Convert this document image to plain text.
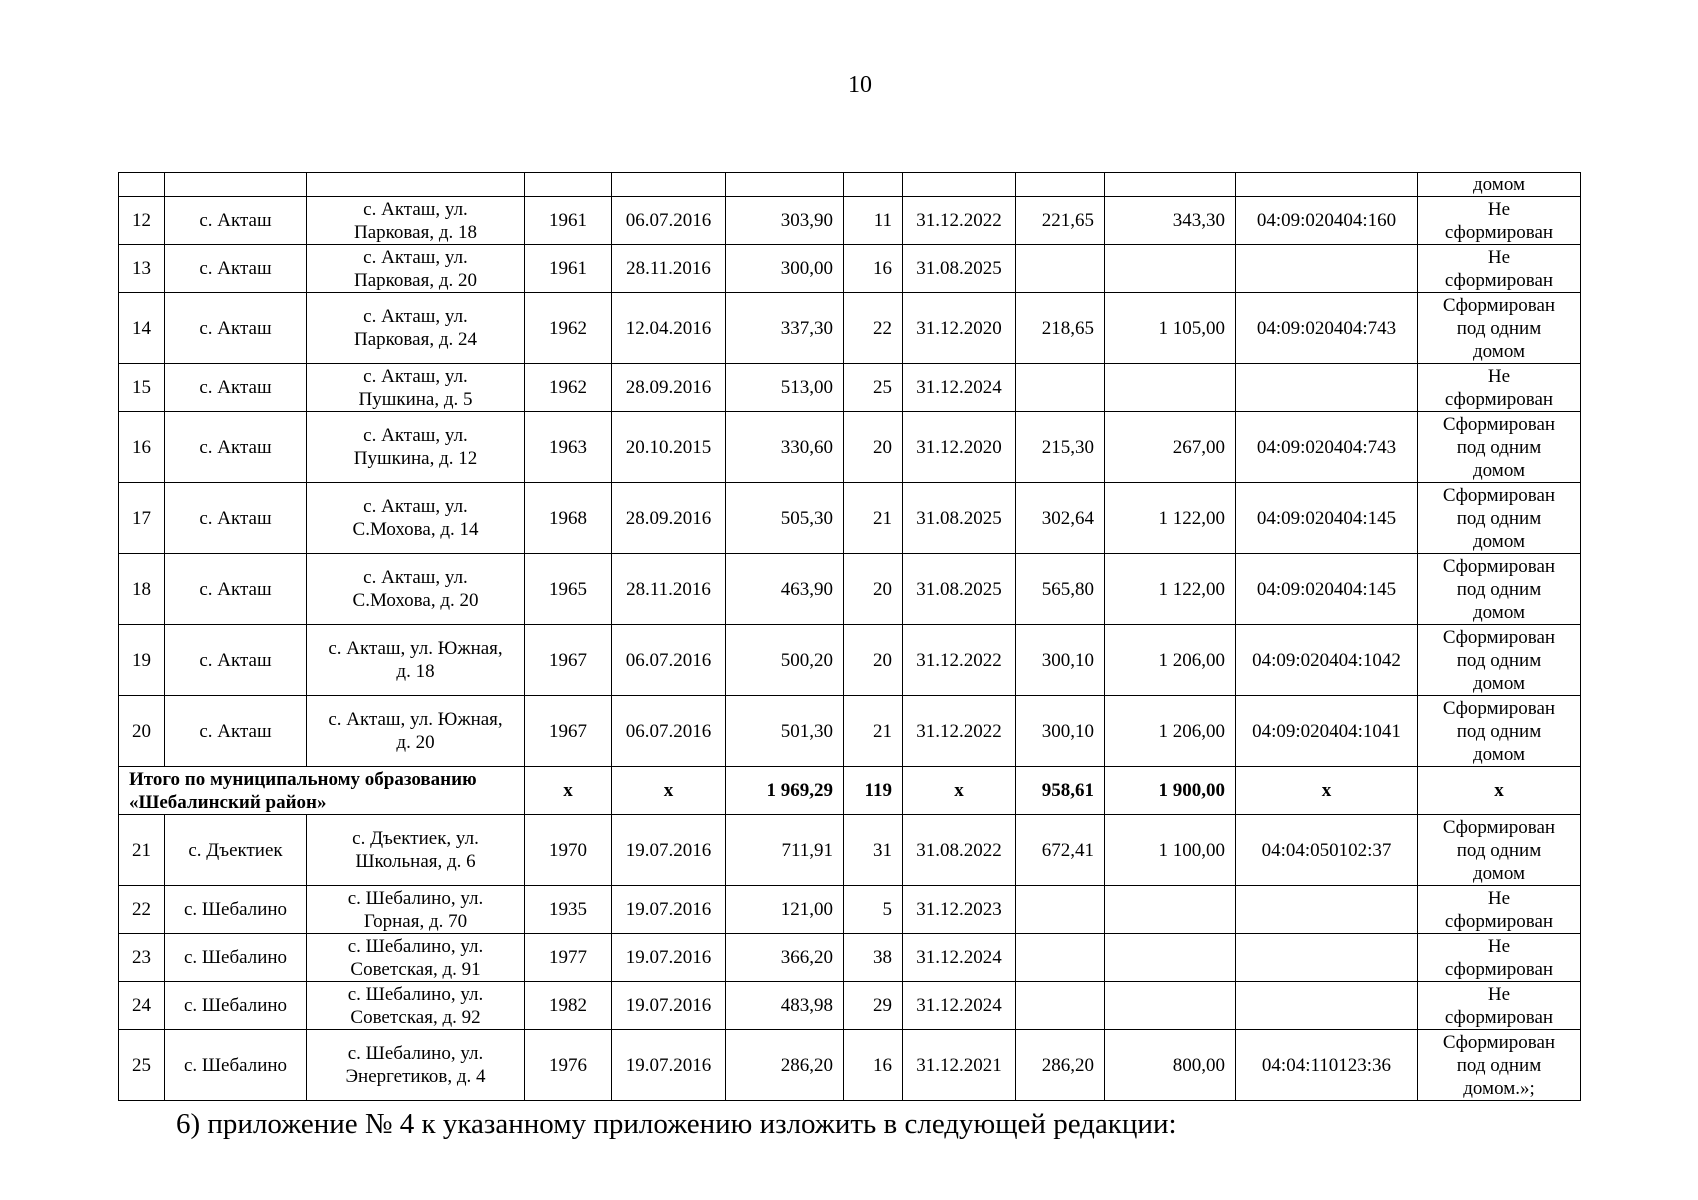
10

											домом

12	с. Акташ	с. Акташ, ул.
Парковая, д. 18	1961	06.07.2016	303,90	11	31.12.2022	221,65	343,30	04:09:020404:160	Не
сформирован

13	с. Акташ	с. Акташ, ул.
Парковая, д. 20	1961	28.11.2016	300,00	16	31.08.2025				Не
сформирован

14	с. Акташ	с. Акташ, ул.
Парковая, д. 24	1962	12.04.2016	337,30	22	31.12.2020	218,65	1 105,00	04:09:020404:743	Сформирован
под одним
домом

15	с. Акташ	с. Акташ, ул.
Пушкина, д. 5	1962	28.09.2016	513,00	25	31.12.2024				Не
сформирован

16	с. Акташ	с. Акташ, ул.
Пушкина, д. 12	1963	20.10.2015	330,60	20	31.12.2020	215,30	267,00	04:09:020404:743	Сформирован
под одним
домом

17	с. Акташ	с. Акташ, ул.
С.Мохова, д. 14	1968	28.09.2016	505,30	21	31.08.2025	302,64	1 122,00	04:09:020404:145	Сформирован
под одним
домом

18	с. Акташ	с. Акташ, ул.
С.Мохова, д. 20	1965	28.11.2016	463,90	20	31.08.2025	565,80	1 122,00	04:09:020404:145	Сформирован
под одним
домом

19	с. Акташ	с. Акташ, ул. Южная,
д. 18	1967	06.07.2016	500,20	20	31.12.2022	300,10	1 206,00	04:09:020404:1042	Сформирован
под одним
домом

20	с. Акташ	с. Акташ, ул. Южная,
д. 20	1967	06.07.2016	501,30	21	31.12.2022	300,10	1 206,00	04:09:020404:1041	Сформирован
под одним
домом

Итого по муниципальному образованию
«Шебалинский район»			х	х	1 969,29	119	х	958,61	1 900,00	х	х
21	с. Дъектиек	с. Дъектиек, ул.
Школьная, д. 6	1970	19.07.2016	711,91	31	31.08.2022	672,41	1 100,00	04:04:050102:37	Сформирован
под одним
домом

22	с. Шебалино	с. Шебалино, ул.
Горная, д. 70	1935	19.07.2016	121,00	5	31.12.2023				Не
сформирован

23	с. Шебалино	с. Шебалино, ул.
Советская, д. 91	1977	19.07.2016	366,20	38	31.12.2024				Не
сформирован

24	с. Шебалино	с. Шебалино, ул.
Советская, д. 92	1982	19.07.2016	483,98	29	31.12.2024				Не
сформирован

25	с. Шебалино	с. Шебалино, ул.
Энергетиков, д. 4	1976	19.07.2016	286,20	16	31.12.2021	286,20	800,00	04:04:110123:36	Сформирован
под одним
домом.»;
6) приложение № 4 к указанному приложению изложить в следующей редакции:
